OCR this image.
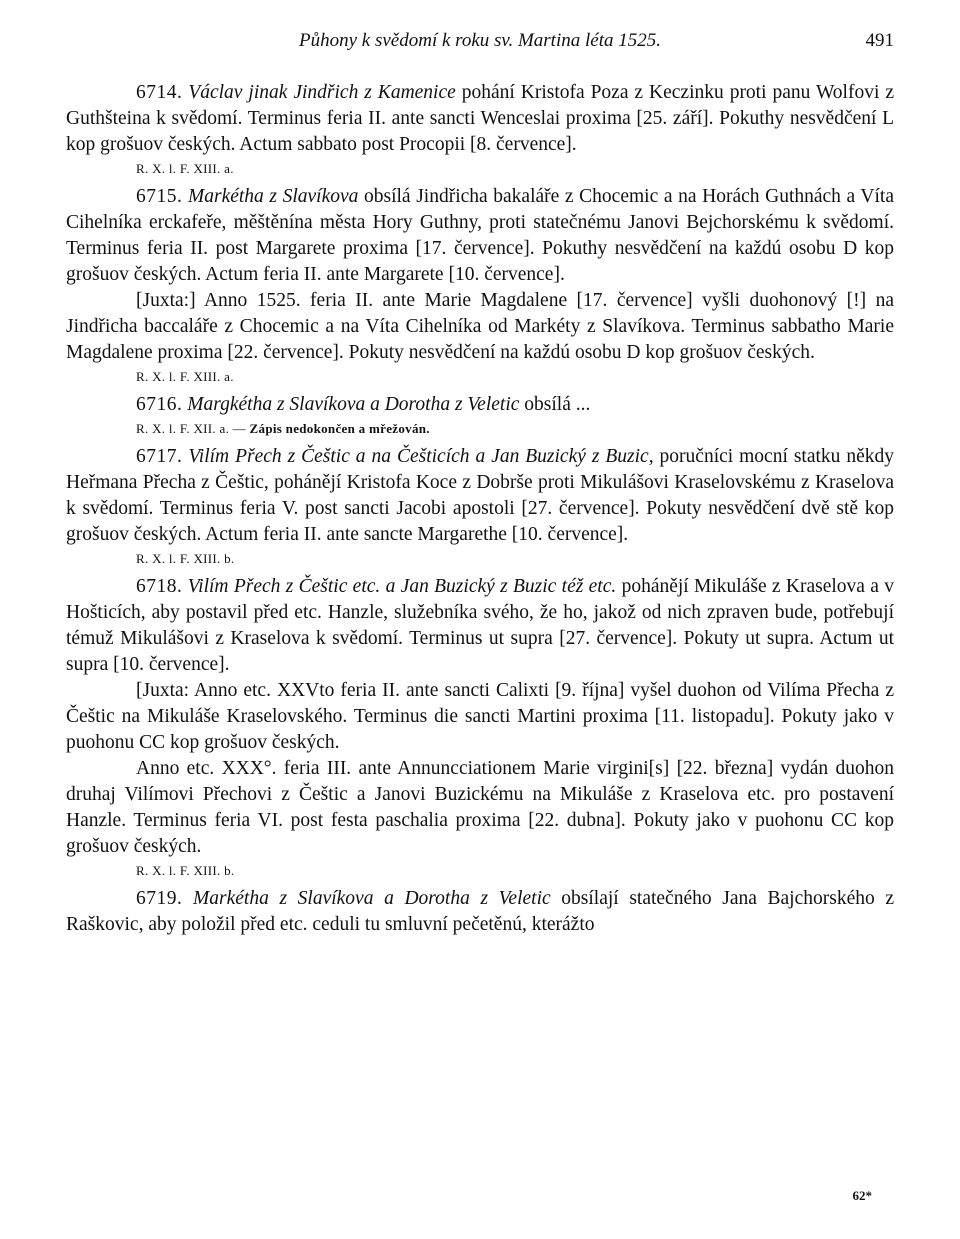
Půhony k svědomí k roku sv. Martina léta 1525.	491

6714. Václav jinak Jindřich z Kamenice pohání Kristofa Poza z Keczinku proti panu Wolfovi z Guthšteina k svědomí. Terminus feria II. ante sancti Wenceslai proxima [25. září]. Pokuthy nesvědčení L kop grošuov českých. Actum sabbato post Procopii [8. července].

R. X. l. F. XIII. a.

6715. Markétha z Slavíkova obsílá Jindřicha bakaláře z Chocemic a na Horách Guthnách a Víta Cihelníka erckafeře, měštěnína města Hory Guthny, proti statečnému Janovi Bejchorskému k svědomí. Terminus feria II. post Margarete proxima [17. července]. Pokuthy nesvědčení na každú osobu D kop grošuov českých. Actum feria II. ante Margarete [10. července].

[Juxta:] Anno 1525. feria II. ante Marie Magdalene [17. července] vyšli duohonový [!] na Jindřicha baccaláře z Chocemic a na Víta Cihelníka od Markéty z Slavíkova. Terminus sabbatho Marie Magdalene proxima [22. července]. Pokuty nesvědčení na každú osobu D kop grošuov českých.

R. X. l. F. XIII. a.

6716. Margkétha z Slavíkova a Dorotha z Veletic obsílá ...

R. X. l. F. XII. a. — Zápis nedokončen a mřežován.

6717. Vilím Přech z Češtic a na Češticích a Jan Buzický z Buzic, poručníci mocní statku někdy Heřmana Přecha z Češtic, pohánějí Kristofa Koce z Dobrše proti Mikulášovi Kraselovskému z Kraselova k svědomí. Terminus feria V. post sancti Jacobi apostoli [27. července]. Pokuty nesvědčení dvě stě kop grošuov českých. Actum feria II. ante sancte Margarethe [10. července].

R. X. l. F. XIII. b.

6718. Vilím Přech z Češtic etc. a Jan Buzický z Buzic též etc. pohánějí Mikuláše z Kraselova a v Hošticích, aby postavil před etc. Hanzle, služebníka svého, že ho, jakož od nich zpraven bude, potřebují témuž Mikulášovi z Kraselova k svědomí. Terminus ut supra [27. července]. Pokuty ut supra. Actum ut supra [10. července].

[Juxta: Anno etc. XXVto feria II. ante sancti Calixti [9. října] vyšel duohon od Vilíma Přecha z Češtic na Mikuláše Kraselovského. Terminus die sancti Martini proxima [11. listopadu]. Pokuty jako v puohonu CC kop grošuov českých.

Anno etc. XXX°. feria III. ante Annuncciationem Marie virgini[s] [22. března] vydán duohon druhaj Vilímovi Přechovi z Češtic a Janovi Buzickému na Mikuláše z Kraselova etc. pro postavení Hanzle. Terminus feria VI. post festa paschalia proxima [22. dubna]. Pokuty jako v puohonu CC kop grošuov českých.

R. X. l. F. XIII. b.

6719. Markétha z Slavíkova a Dorotha z Veletic obsílají statečného Jana Bajchorského z Raškovic, aby položil před etc. ceduli tu smluvní pečetěnú, kterážto

62*
